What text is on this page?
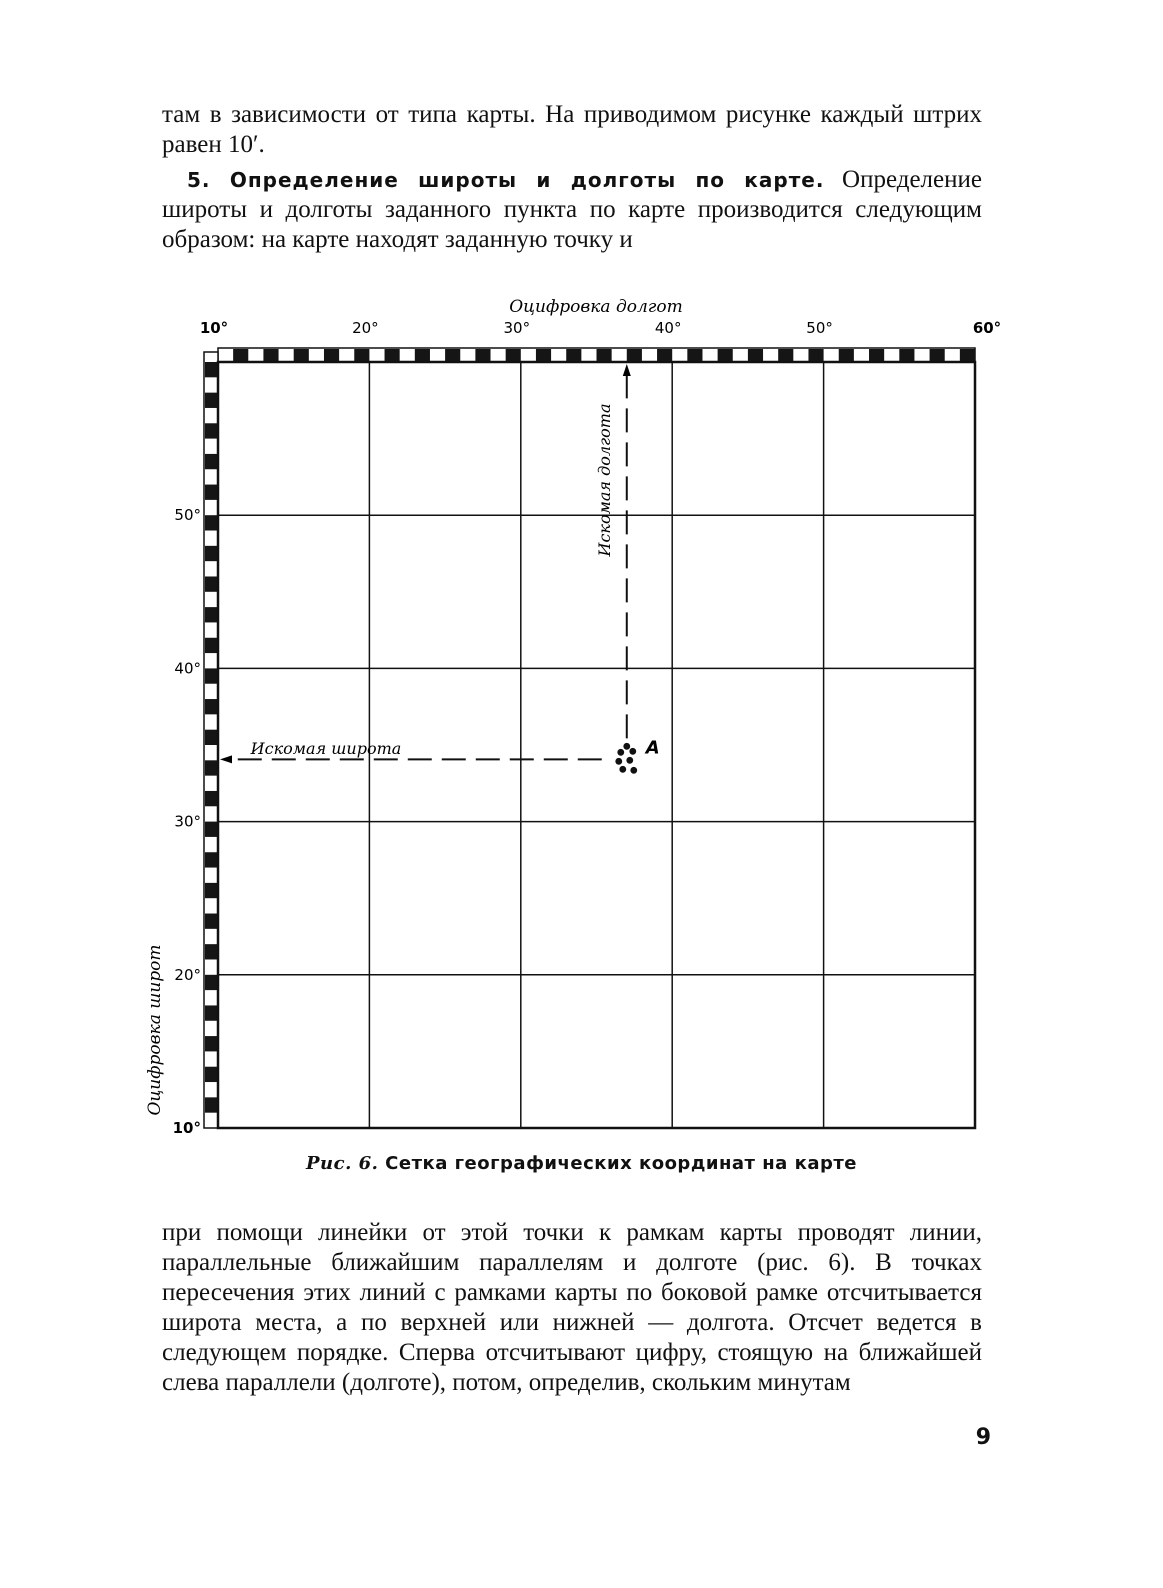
там в зависимости от типа карты. На приводимом рисунке каждый штрих равен 10′.

5. Определение широты и долготы по карте. Определение широты и долготы заданного пункта по карте производится следующим образом: на карте находят заданную точку и

Оцифровка долгот
Оцифровка широт
10°	20°	30°	40°	50°	60°
50°
40°
30°
20°
10°
Искомая долгота
Искомая широта	А
Рис. 6. Сетка географических координат на карте

при помощи линейки от этой точки к рамкам карты проводят линии, параллельные ближайшим параллелям и долготе (рис. 6). В точках пересечения этих линий с рамками карты по боковой рамке отсчитывается широта места, а по верхней или нижней — долгота. Отсчет ведется в следующем порядке. Сперва отсчитывают цифру, стоящую на ближайшей слева параллели (долготе), потом, определив, скольким минутам

9
